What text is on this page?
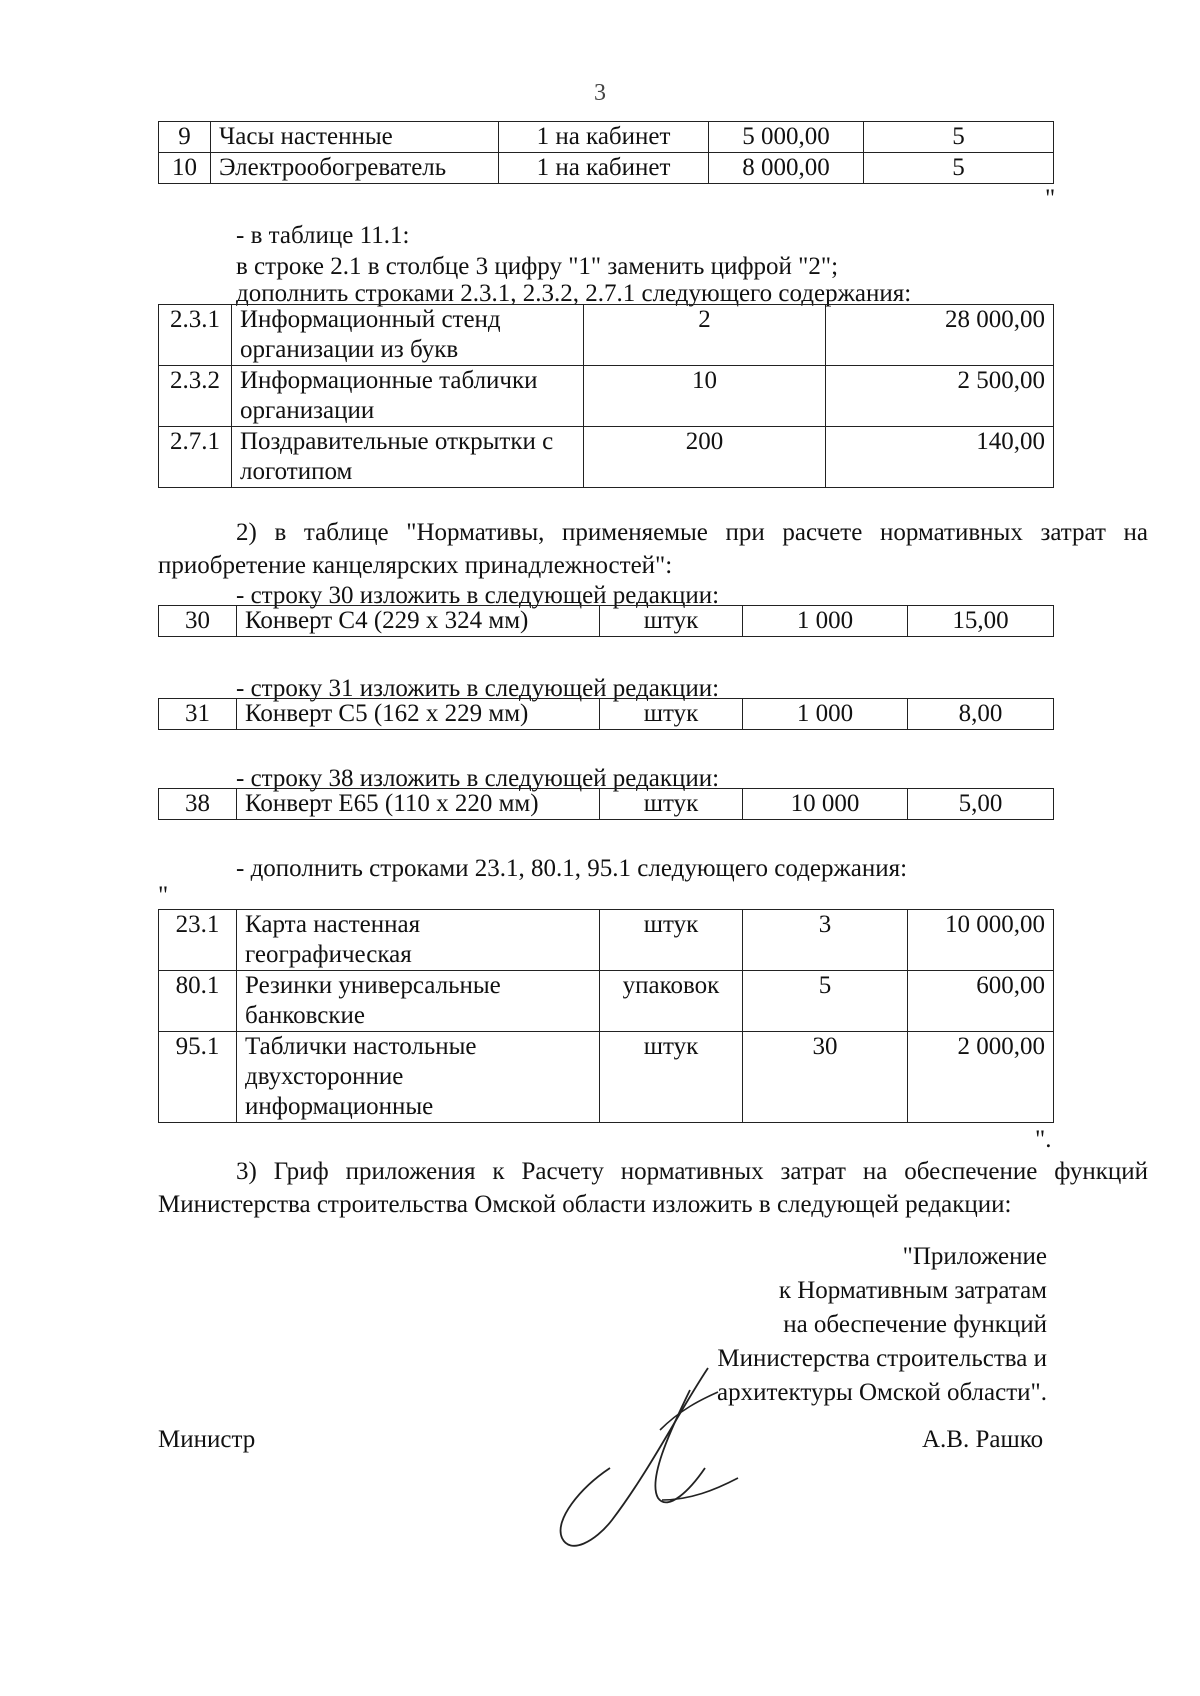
3
9	Часы настенные	1 на кабинет	5 000,00	5
10	Электрообогреватель	1 на кабинет	8 000,00	5
"
- в таблице 11.1:
в строке 2.1 в столбце 3 цифру "1" заменить цифрой "2";
дополнить строками 2.3.1, 2.3.2, 2.7.1 следующего содержания:
2.3.1	Информационный стенд организации из букв	2	28 000,00
2.3.2	Информационные таблички организации	10	2 500,00
2.7.1	Поздравительные открытки с логотипом	200	140,00
2) в таблице "Нормативы, применяемые при расчете нормативных затрат на приобретение канцелярских принадлежностей":
- строку 30 изложить в следующей редакции:
30	Конверт С4 (229 х 324 мм)	штук	1 000	15,00
- строку 31 изложить в следующей редакции:
31	Конверт С5 (162 х 229 мм)	штук	1 000	8,00
- строку 38 изложить в следующей редакции:
38	Конверт Е65 (110 х 220 мм)	штук	10 000	5,00
- дополнить строками 23.1, 80.1, 95.1 следующего содержания:
"
23.1	Карта настенная географическая	штук	3	10 000,00
80.1	Резинки универсальные банковские	упаковок	5	600,00
95.1	Таблички настольные двухсторонние информационные	штук	30	2 000,00
".
3) Гриф приложения к Расчету нормативных затрат на обеспечение функций Министерства строительства Омской области изложить в следующей редакции:
"Приложение
к Нормативным затратам
на обеспечение функций
Министерства строительства и
архитектуры Омской области".
Министр	А.В. Рашко
